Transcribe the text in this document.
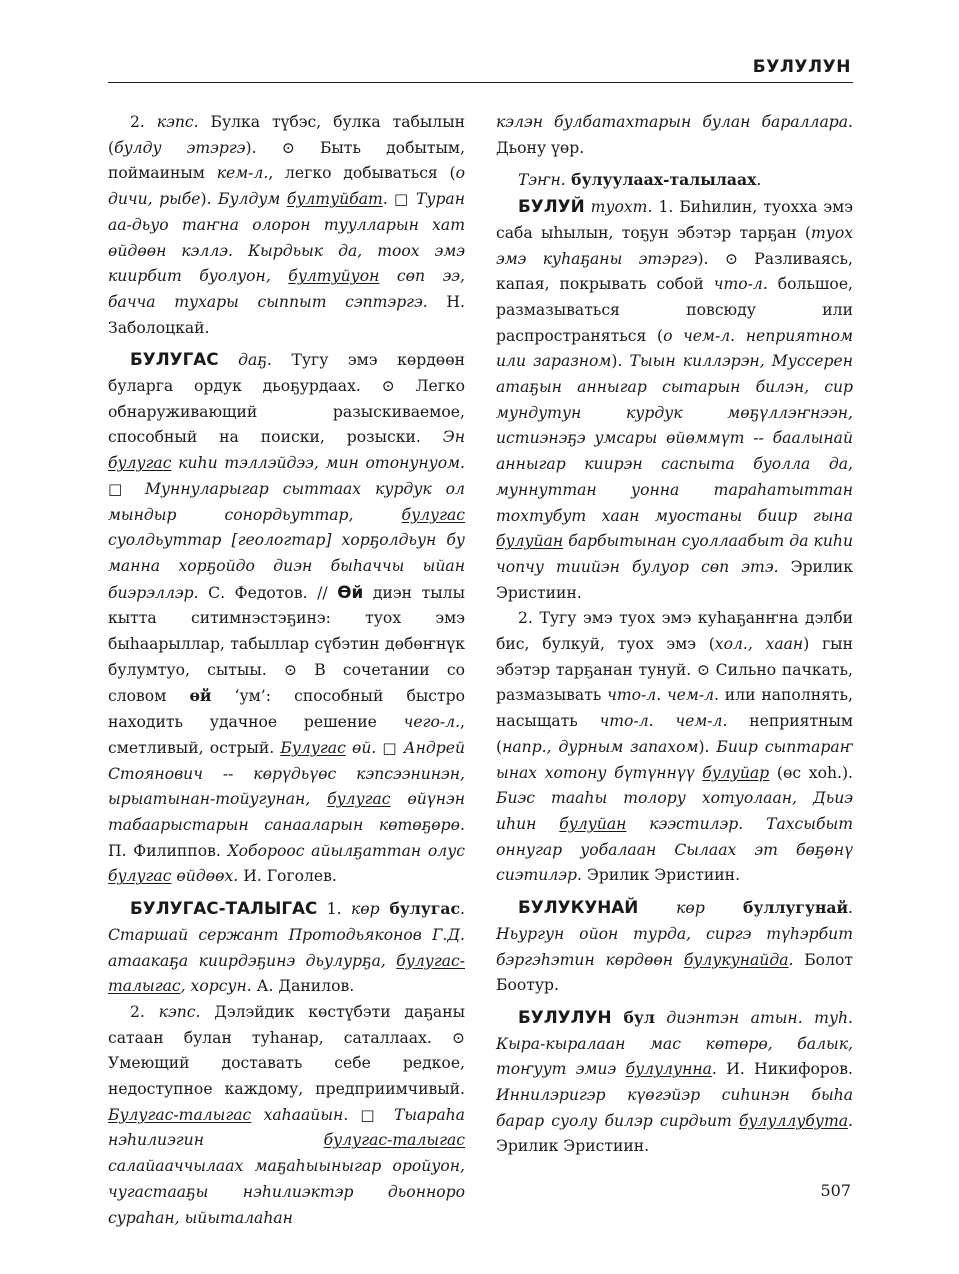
БУЛУЛУН

2. кэпс. Булка түбэс, булка табылын (булду этэргэ). ⊙ Быть добытым, поймаиным кем-л., легко добываться (о дичи, рыбе). Булдум бултуйбат. □ Туран аа-дьуо таҥна олорон туулларын хат өйдөөн кэллэ. Кырдьык да, тоох эмэ киирбит буолуон, бултуйуон сөп ээ, баччa тухары сыппыт сэптэргэ. Н. Заболоцкай.

БУЛУГАС даҕ. Тугу эмэ көрдөөн буларга ордук дьоҕурдаах. ⊙ Легко обнаруживающий разыскиваемое, способный на поиски, розыски. Эн булугас киһи тэллэйдээ, мин отонунуом. □ Муннуларыгар сыттаах курдук ол мындыр сонордьуттар, булугас суолдьуттар [геологтар] хорҕолдьун бу манна хорҕойдо диэн быһаччы ыйан биэрэллэр. С. Федотов. // Өй диэн тылы кытта ситимнэстэҕинэ: туох эмэ быһаарыллар, табыллар сүбэтин дөбөҥнүк булумтуо, сытыы. ⊙ В сочетании со словом өй ‘ум’: способный быстро находить удачное решение чего-л., сметливый, острый. Булугас өй. □ Андрей Стоянович -- көрүдьүөс кэпсээнинэн, ырыатынан-тойугунан, булугас өйүнэн табаарыстарын санааларын көтөҕөрө. П. Филиппов. Хобороос айылҕаттан олус булугас өйдөөх. И. Гоголев.

БУЛУГАС-ТАЛЫГАС 1. көр булугас. Старшай сержант Протодьяконов Г.Д. атаакаҕа киирдэҕинэ дьулурҕа, булугас-талыгас, хорсун. А. Данилов.

2. кэпс. Дэлэйдик көстүбэти даҕаны сатаан булан туһанар, саталлаах. ⊙ Умеющий доставать себе редкое, недоступное каждому, предприимчивый. Булугас-талыгас хаһаайын. □ Тыараһа нэһилиэгин булугас-талыгас салайааччылаах маҕаһыыныгар оройуон, чугастааҕы нэһилиэктэр дьонноро сураһан, ыйыталаһан

кэлэн булбатахтарын булан бараллара. Дьону үөр.

Тэҥн. булуулаах-талылаах.

БУЛУЙ туохт. 1. Биһилин, туохха эмэ саба ыһылын, тоҕун эбэтэр тарҕан (туох эмэ куһаҕаны этэргэ). ⊙ Разливаясь, капая, покрывать собой что-л. большое, размазываться повсюду или распространяться (о чем-л. неприятном или заразном). Тыын киллэрэн, Муссерен атаҕын анныгар сытарын билэн, сир мундутун курдук мөҕүллэҥнээн, истиэнэҕэ умсары өйөммүт -- баалынай анныгар киирэн саспыта буолла да, муннуттан уонна тараһатыттан тохтубут хаан муостаны биир гына булуйан барбытынан суоллаабыт да киһи чопчу тиийэн булуор сөп этэ. Эрилик Эристиин.

2. Тугу эмэ туох эмэ куһаҕанҥна дэлби бис, булкуй, туох эмэ (хол., хаан) гын эбэтэр тарҕанан тунуй. ⊙ Сильно пачкать, размазывать что-л. чем-л. или наполнять, насыщать что-л. чем-л. неприятным (напр., дурным запахом). Биир сыптараҥ ынах хотону бүтүннүү булуйар (өс хоһ.). Биэс тааһы толору хотуолаан, Дьиэ иһин булуйан кээстилэр. Тахсыбыт оннугар уобалаан Сылаах эт бөҕөнү сиэтилэр. Эрилик Эристиин.

БУЛУКУНАЙ көр буллугунай. Ньургун ойон турда, сиргэ түһэрбит бэргэһэтин көрдөөн булукунайда. Болот Боотур.

БУЛУЛУН бул диэнтэн атын. туһ. Кыра-кыралаан мас көтөрө, балык, тоҥуут эмиэ булулунна. И. Никифоров. Иннилэригэр күөгэйэр сиһинэн быһа барар суолу билэр сирдьит булуллубута. Эрилик Эристиин.

507
